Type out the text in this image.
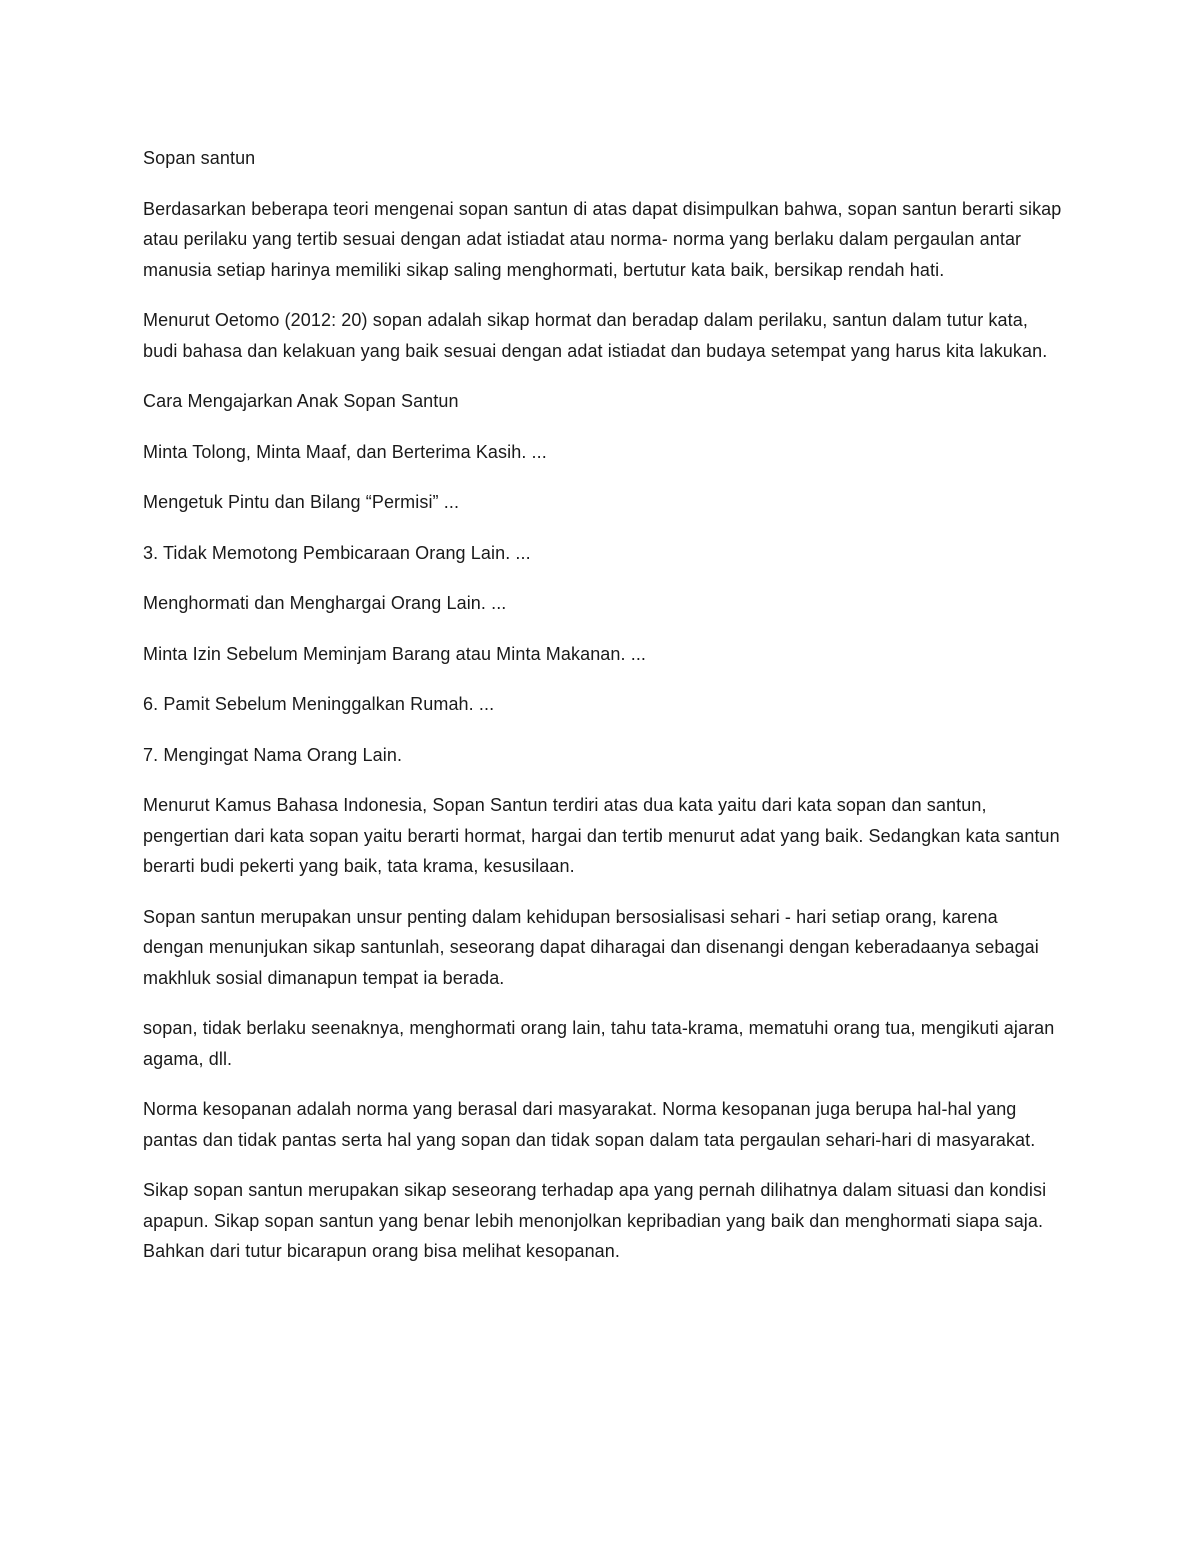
Sopan santun

Berdasarkan beberapa teori mengenai sopan santun di atas dapat disimpulkan bahwa, sopan santun berarti sikap atau perilaku yang tertib sesuai dengan adat istiadat atau norma- norma yang berlaku dalam pergaulan antar manusia setiap harinya memiliki sikap saling menghormati, bertutur kata baik, bersikap rendah hati.

Menurut Oetomo (2012: 20) sopan adalah sikap hormat dan beradap dalam perilaku, santun dalam tutur kata, budi bahasa dan kelakuan yang baik sesuai dengan adat istiadat dan budaya setempat yang harus kita lakukan.

Cara Mengajarkan Anak Sopan Santun

Minta Tolong, Minta Maaf, dan Berterima Kasih. ...

Mengetuk Pintu dan Bilang “Permisi” ...

3. Tidak Memotong Pembicaraan Orang Lain. ...

Menghormati dan Menghargai Orang Lain. ...

Minta Izin Sebelum Meminjam Barang atau Minta Makanan. ...

6. Pamit Sebelum Meninggalkan Rumah. ...

7. Mengingat Nama Orang Lain.

Menurut Kamus Bahasa Indonesia, Sopan Santun terdiri atas dua kata yaitu dari kata sopan dan santun, pengertian dari kata sopan yaitu berarti hormat, hargai dan tertib menurut adat yang baik. Sedangkan kata santun berarti budi pekerti yang baik, tata krama, kesusilaan.

Sopan santun merupakan unsur penting dalam kehidupan bersosialisasi sehari - hari setiap orang, karena dengan menunjukan sikap santunlah, seseorang dapat diharagai dan disenangi dengan keberadaanya sebagai makhluk sosial dimanapun tempat ia berada.

sopan, tidak berlaku seenaknya, menghormati orang lain, tahu tata-krama, mematuhi orang tua, mengikuti ajaran agama, dll.

Norma kesopanan adalah norma yang berasal dari masyarakat. Norma kesopanan juga berupa hal-hal yang pantas dan tidak pantas serta hal yang sopan dan tidak sopan dalam tata pergaulan sehari-hari di masyarakat.

Sikap sopan santun merupakan sikap seseorang terhadap apa yang pernah dilihatnya dalam situasi dan kondisi apapun. Sikap sopan santun yang benar lebih menonjolkan kepribadian yang baik dan menghormati siapa saja. Bahkan dari tutur bicarapun orang bisa melihat kesopanan.
